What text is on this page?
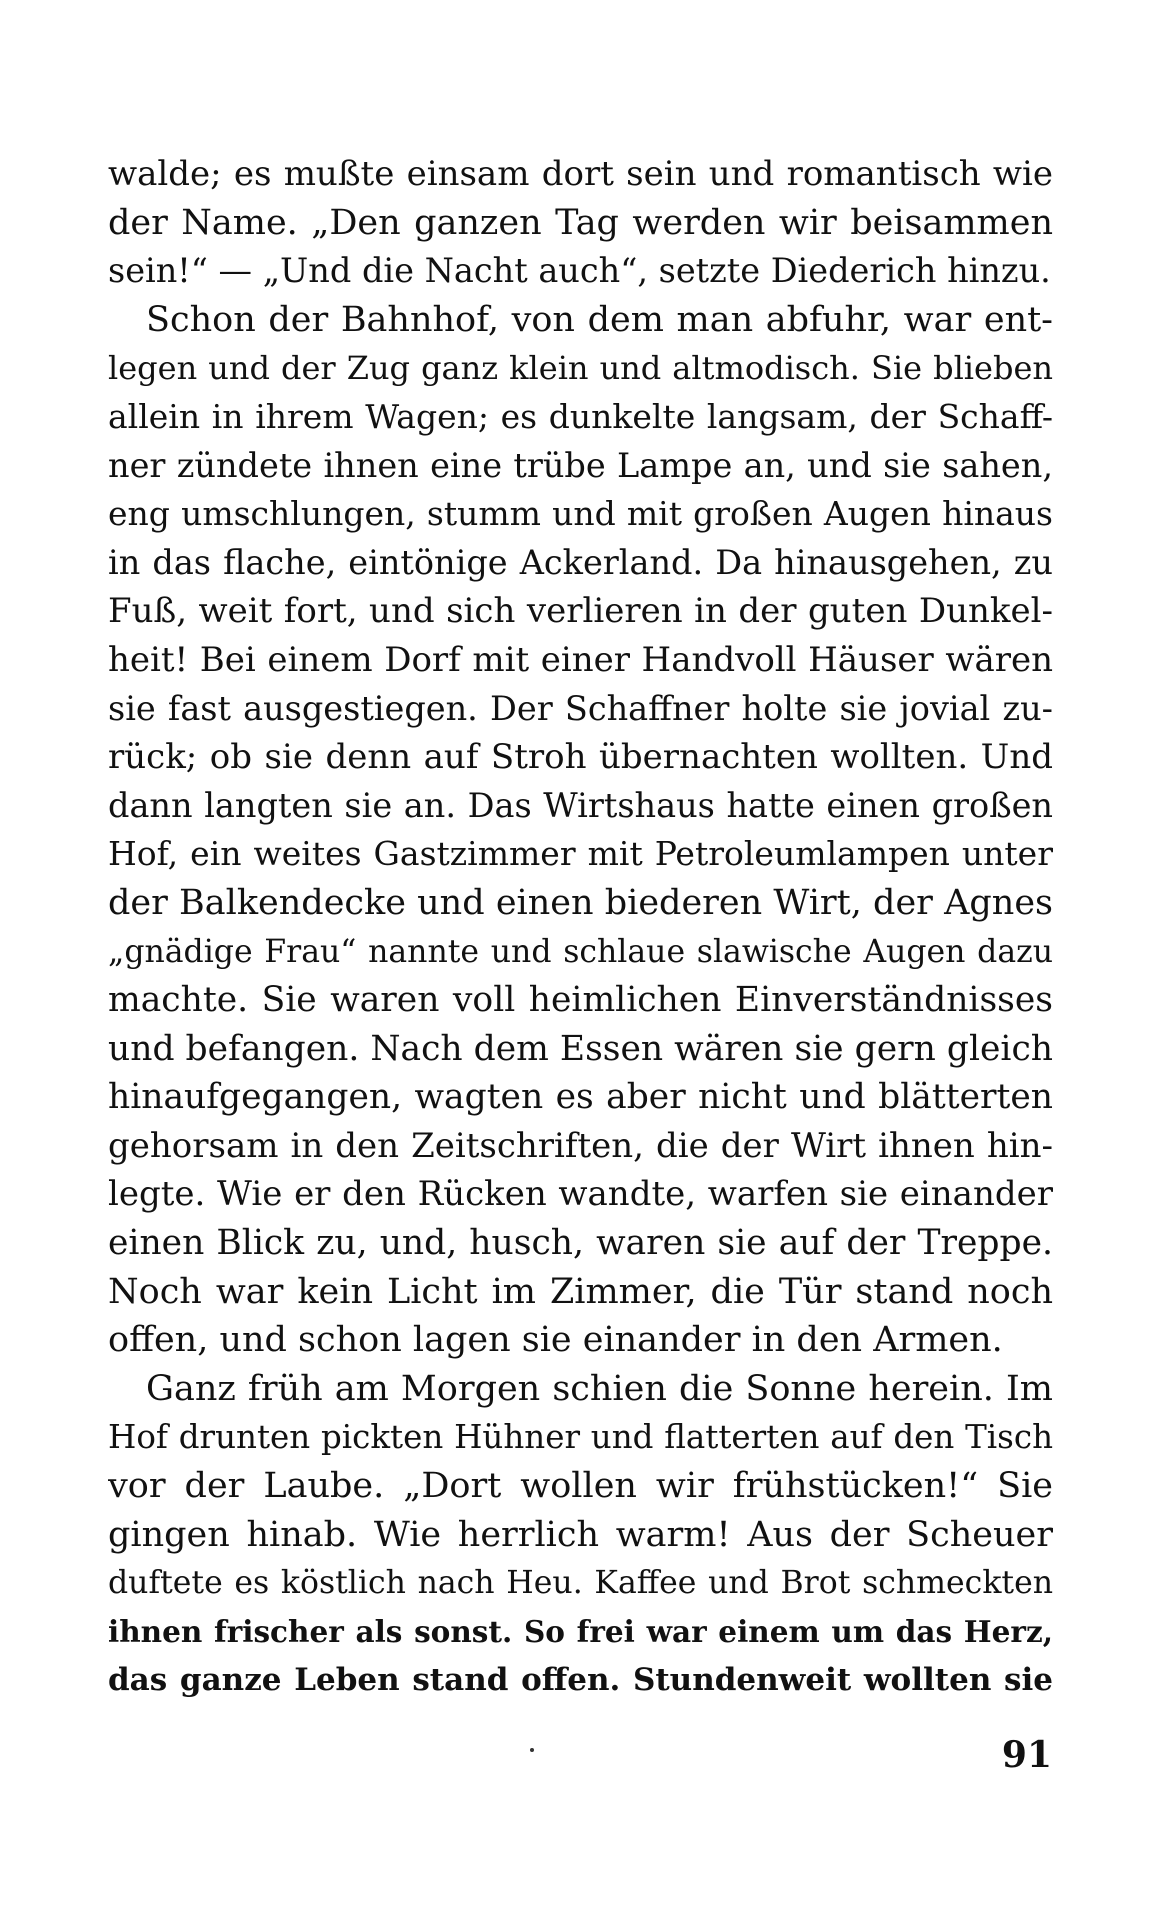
walde; es mußte einsam dort sein und romantisch wie
der Name. „Den ganzen Tag werden wir beisammen
sein!“ — „Und die Nacht auch“, setzte Diederich hinzu.
Schon der Bahnhof, von dem man abfuhr, war ent-
legen und der Zug ganz klein und altmodisch. Sie blieben
allein in ihrem Wagen; es dunkelte langsam, der Schaff-
ner zündete ihnen eine trübe Lampe an, und sie sahen,
eng umschlungen, stumm und mit großen Augen hinaus
in das flache, eintönige Ackerland. Da hinausgehen, zu
Fuß, weit fort, und sich verlieren in der guten Dunkel-
heit! Bei einem Dorf mit einer Handvoll Häuser wären
sie fast ausgestiegen. Der Schaffner holte sie jovial zu-
rück; ob sie denn auf Stroh übernachten wollten. Und
dann langten sie an. Das Wirtshaus hatte einen großen
Hof, ein weites Gastzimmer mit Petroleumlampen unter
der Balkendecke und einen biederen Wirt, der Agnes
„gnädige Frau“ nannte und schlaue slawische Augen dazu
machte. Sie waren voll heimlichen Einverständnisses
und befangen. Nach dem Essen wären sie gern gleich
hinaufgegangen, wagten es aber nicht und blätterten
gehorsam in den Zeitschriften, die der Wirt ihnen hin-
legte. Wie er den Rücken wandte, warfen sie einander
einen Blick zu, und, husch, waren sie auf der Treppe.
Noch war kein Licht im Zimmer, die Tür stand noch
offen, und schon lagen sie einander in den Armen.
Ganz früh am Morgen schien die Sonne herein. Im
Hof drunten pickten Hühner und flatterten auf den Tisch
vor der Laube. „Dort wollen wir frühstücken!“ Sie
gingen hinab. Wie herrlich warm! Aus der Scheuer
duftete es köstlich nach Heu. Kaffee und Brot schmeckten
ihnen frischer als sonst. So frei war einem um das Herz,
das ganze Leben stand offen. Stundenweit wollten sie
91
